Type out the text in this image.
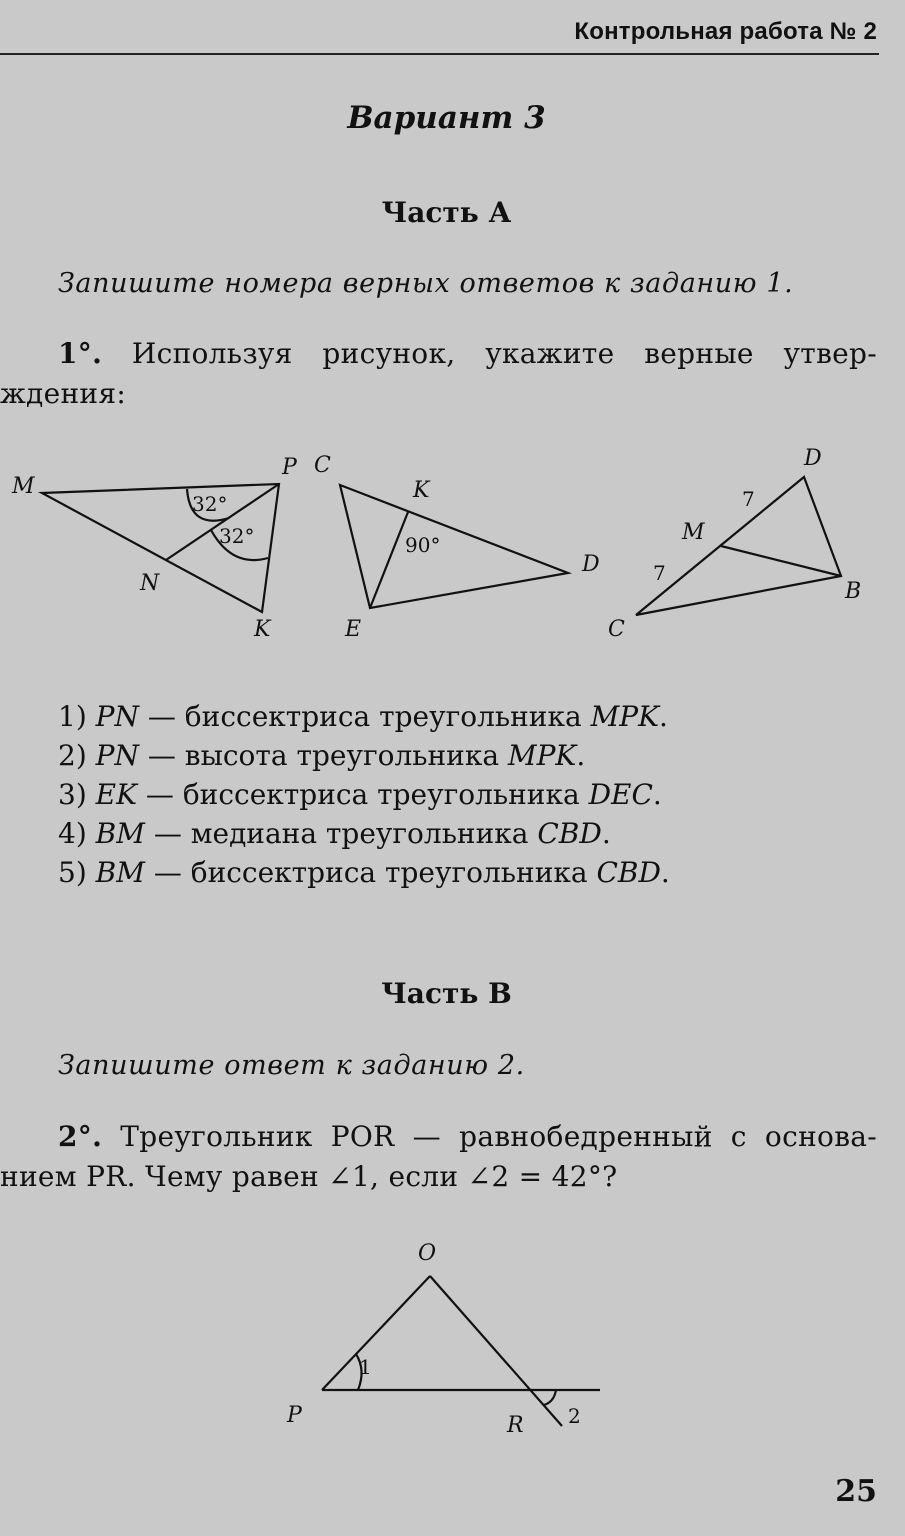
Контрольная работа № 2
Вариант 3
Часть А
Запишите номера верных ответов к заданию 1.
1°. Используя рисунок, укажите верные утвер-
ждения:
M
P
N
K
32°
32°
C
K
E
D
90°
D
M
B
C
7
7
1) PN — биссектриса треугольника MPK.
2) PN — высота треугольника MPK.
3) EK — биссектриса треугольника DEC.
4) BM — медиана треугольника CBD.
5) BM — биссектриса треугольника CBD.
Часть В
Запишите ответ к заданию 2.
2°. Треугольник POR — равнобедренный с основа-
нием PR. Чему равен ∠1, если ∠2 = 42°?
O
P	R
1
2
25
